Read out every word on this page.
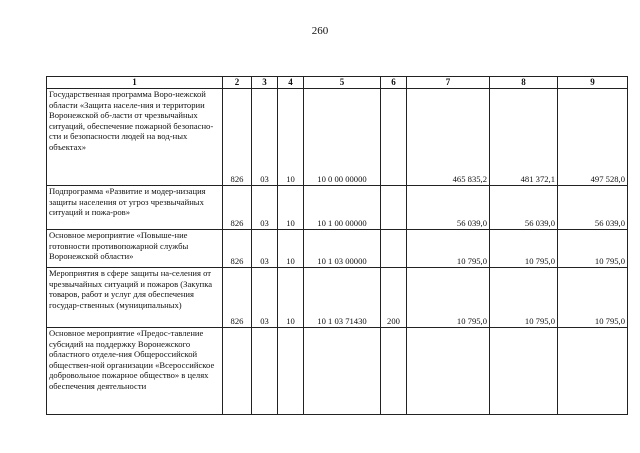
260
1	2	3	4	5	6	7	8	9
Государственная программа Воро-нежской области «Защита населе-ния и территории Воронежской об-ласти от чрезвычайных ситуаций, обеспечение пожарной безопасно-сти и безопасности людей на вод-ных объектах»	826	03	10	10 0 00 00000		465 835,2	481 372,1	497 528,0
Подпрограмма «Развитие и модер-низация защиты населения от угроз чрезвычайных ситуаций и пожа-ров»	826	03	10	10 1 00 00000		56 039,0	56 039,0	56 039,0
Основное мероприятие «Повыше-ние готовности противопожарной службы Воронежской области»	826	03	10	10 1 03 00000		10 795,0	10 795,0	10 795,0
Мероприятия в сфере защиты на-селения от чрезвычайных ситуаций и пожаров (Закупка товаров, работ и услуг для обеспечения государ-ственных (муниципальных)	826	03	10	10 1 03 71430	200	10 795,0	10 795,0	10 795,0
Основное мероприятие «Предос-тавление субсидий на поддержку Воронежского областного отделе-ния Общероссийской обществен-ной организации «Всероссийское добровольное пожарное общество» в целях обеспечения деятельности								
